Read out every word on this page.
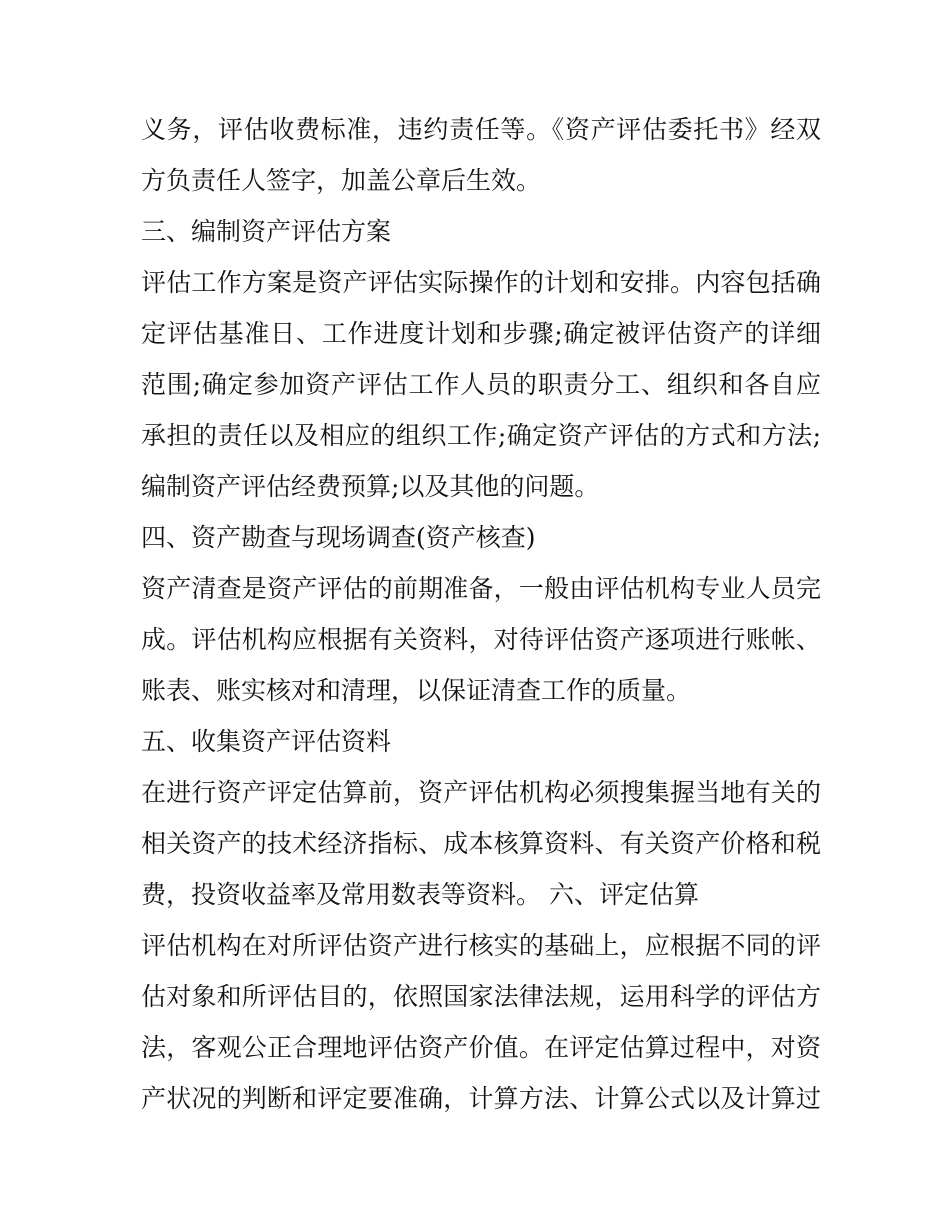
义务，评估收费标准，违约责任等。《资产评估委托书》经双
方负责任人签字，加盖公章后生效。
三、编制资产评估方案
评估工作方案是资产评估实际操作的计划和安排。内容包括确
定评估基准日、工作进度计划和步骤;确定被评估资产的详细
范围;确定参加资产评估工作人员的职责分工、组织和各自应
承担的责任以及相应的组织工作;确定资产评估的方式和方法;
编制资产评估经费预算;以及其他的问题。
四、资产勘查与现场调查(资产核查)
资产清查是资产评估的前期准备，一般由评估机构专业人员完
成。评估机构应根据有关资料，对待评估资产逐项进行账帐、
账表、账实核对和清理，以保证清查工作的质量。
五、收集资产评估资料
在进行资产评定估算前，资产评估机构必须搜集握当地有关的
相关资产的技术经济指标、成本核算资料、有关资产价格和税
费，投资收益率及常用数表等资料。 六、评定估算
评估机构在对所评估资产进行核实的基础上，应根据不同的评
估对象和所评估目的，依照国家法律法规，运用科学的评估方
法，客观公正合理地评估资产价值。在评定估算过程中，对资
产状况的判断和评定要准确，计算方法、计算公式以及计算过
